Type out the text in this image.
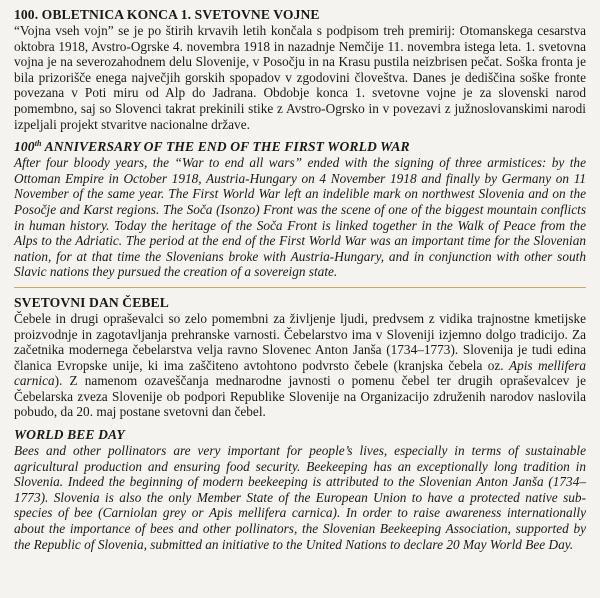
100. OBLETNICA KONCA 1. SVETOVNE VOJNE

“Vojna vseh vojn” se je po štirih krvavih letih končala s podpisom treh premirij: Otomanskega cesarstva oktobra 1918, Avstro-Ogrske 4. novembra 1918 in nazadnje Nemčije 11. novembra istega leta. 1. svetovna vojna je na severozahodnem delu Slovenije, v Posočju in na Krasu pustila neizbrisen pečat. Soška fronta je bila prizorišče enega največjih gorskih spopadov v zgodovini človeštva. Danes je dediščina soške fronte povezana v Poti miru od Alp do Jadrana. Obdobje konca 1. svetovne vojne je za slovenski narod pomembno, saj so Slovenci takrat prekinili stike z Avstro-Ogrsko in v povezavi z južnoslovanskimi narodi izpeljali projekt stvaritve nacionalne države.

100th ANNIVERSARY OF THE END OF THE FIRST WORLD WAR

After four bloody years, the “War to end all wars” ended with the signing of three armistices: by the Ottoman Empire in October 1918, Austria-Hungary on 4 November 1918 and finally by Germany on 11 November of the same year. The First World War left an indelible mark on northwest Slovenia and on the Posočje and Karst regions. The Soča (Isonzo) Front was the scene of one of the biggest mountain conflicts in human history. Today the heritage of the Soča Front is linked together in the Walk of Peace from the Alps to the Adriatic. The period at the end of the First World War was an important time for the Slovenian nation, for at that time the Slovenians broke with Austria-Hungary, and in conjunction with other south Slavic nations they pursued the creation of a sovereign state.

SVETOVNI DAN ČEBEL

Čebele in drugi opraševalci so zelo pomembni za življenje ljudi, predvsem z vidika trajnostne kmetijske proizvodnje in zagotavljanja prehranske varnosti. Čebelarstvo ima v Sloveniji izjemno dolgo tradicijo. Za začetnika modernega čebelarstva velja ravno Slovenec Anton Janša (1734–1773). Slovenija je tudi edina članica Evropske unije, ki ima zaščiteno avtohtono podvrsto čebele (kranjska čebela oz. Apis mellifera carnica). Z namenom ozaveščanja mednarodne javnosti o pomenu čebel ter drugih opraševalcev je Čebelarska zveza Slovenije ob podpori Republike Slovenije na Organizacijo združenih narodov naslovila pobudo, da 20. maj postane svetovni dan čebel.

WORLD BEE DAY

Bees and other pollinators are very important for people’s lives, especially in terms of sustainable agricultural production and ensuring food security. Beekeeping has an exceptionally long tradition in Slovenia. Indeed the beginning of modern beekeeping is attributed to the Slovenian Anton Janša (1734–1773). Slovenia is also the only Member State of the European Union to have a protected native sub-species of bee (Carniolan grey or Apis mellifera carnica). In order to raise awareness internationally about the importance of bees and other pollinators, the Slovenian Beekeeping Association, supported by the Republic of Slovenia, submitted an initiative to the United Nations to declare 20 May World Bee Day.
